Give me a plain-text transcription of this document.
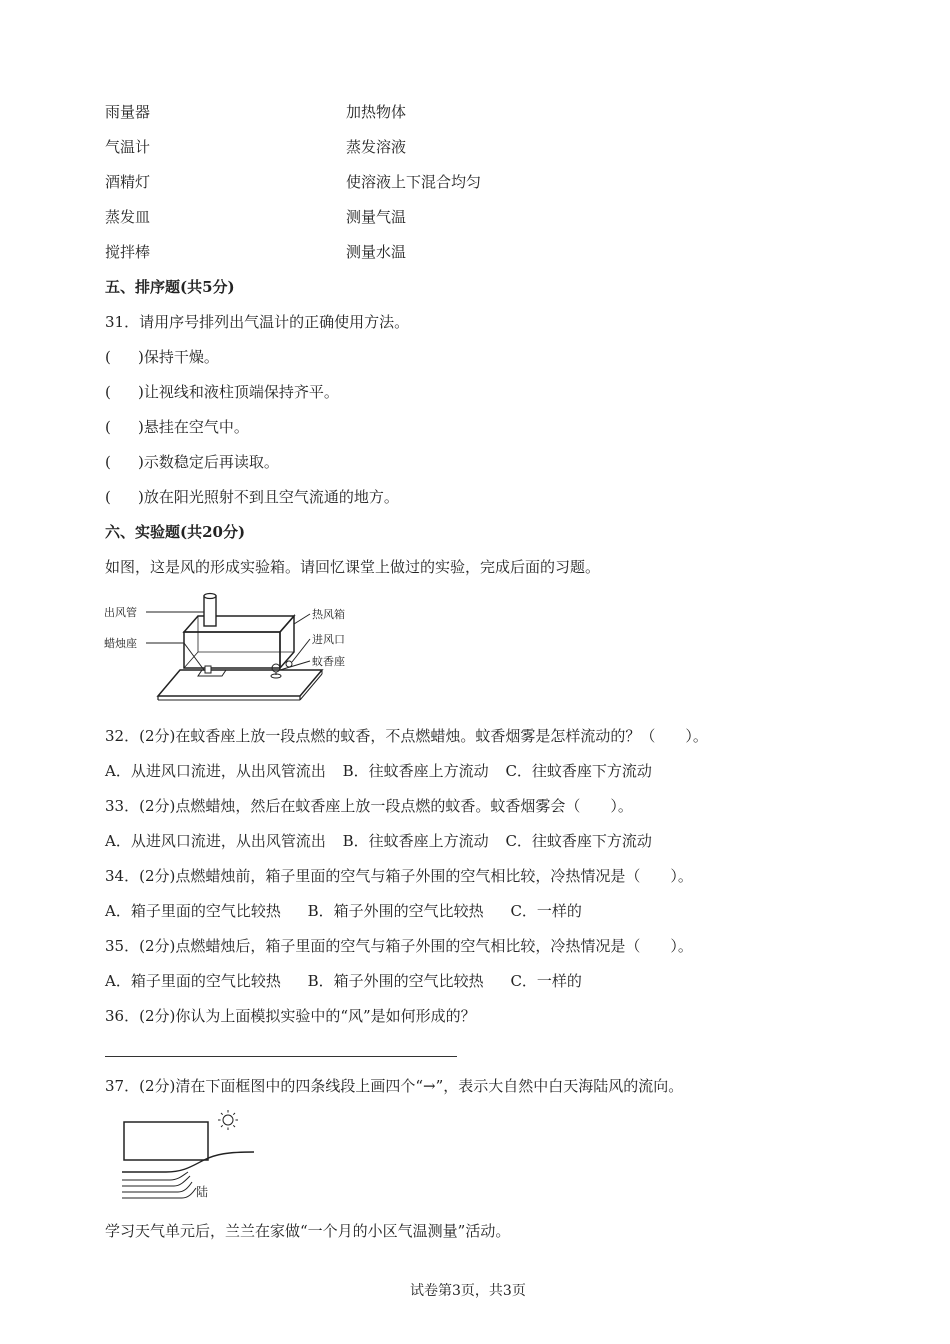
雨量器	加热物体
气温计	蒸发溶液
酒精灯	使溶液上下混合均匀
蒸发皿	测量气温
搅拌棒	测量水温
五、排序题(共5分)
31．请用序号排列出气温计的正确使用方法。
( )保持干燥。
( )让视线和液柱顶端保持齐平。
( )悬挂在空气中。
( )示数稳定后再读取。
( )放在阳光照射不到且空气流通的地方。
六、实验题(共20分)
如图，这是风的形成实验箱。请回忆课堂上做过的实验，完成后面的习题。
出风管
蜡烛座
热风箱
进风口
蚊香座
32．(2分)在蚊香座上放一段点燃的蚊香，不点燃蜡烛。蚊香烟雾是怎样流动的？（　　）。
A．从进风口流进，从出风管流出 B．往蚊香座上方流动 C．往蚊香座下方流动
33．(2分)点燃蜡烛，然后在蚊香座上放一段点燃的蚊香。蚊香烟雾会（　　）。
A．从进风口流进，从出风管流出 B．往蚊香座上方流动 C．往蚊香座下方流动
34．(2分)点燃蜡烛前，箱子里面的空气与箱子外围的空气相比较，冷热情况是（　　）。
A．箱子里面的空气比较热 B．箱子外围的空气比较热 C．一样的
35．(2分)点燃蜡烛后，箱子里面的空气与箱子外围的空气相比较，冷热情况是（　　）。
A．箱子里面的空气比较热 B．箱子外围的空气比较热 C．一样的
36．(2分)你认为上面模拟实验中的“风”是如何形成的？
37．(2分)清在下面框图中的四条线段上画四个“→”，表示大自然中白天海陆风的流向。
陆
学习天气单元后，兰兰在家做“一个月的小区气温测量”活动。
试卷第3页，共3页
